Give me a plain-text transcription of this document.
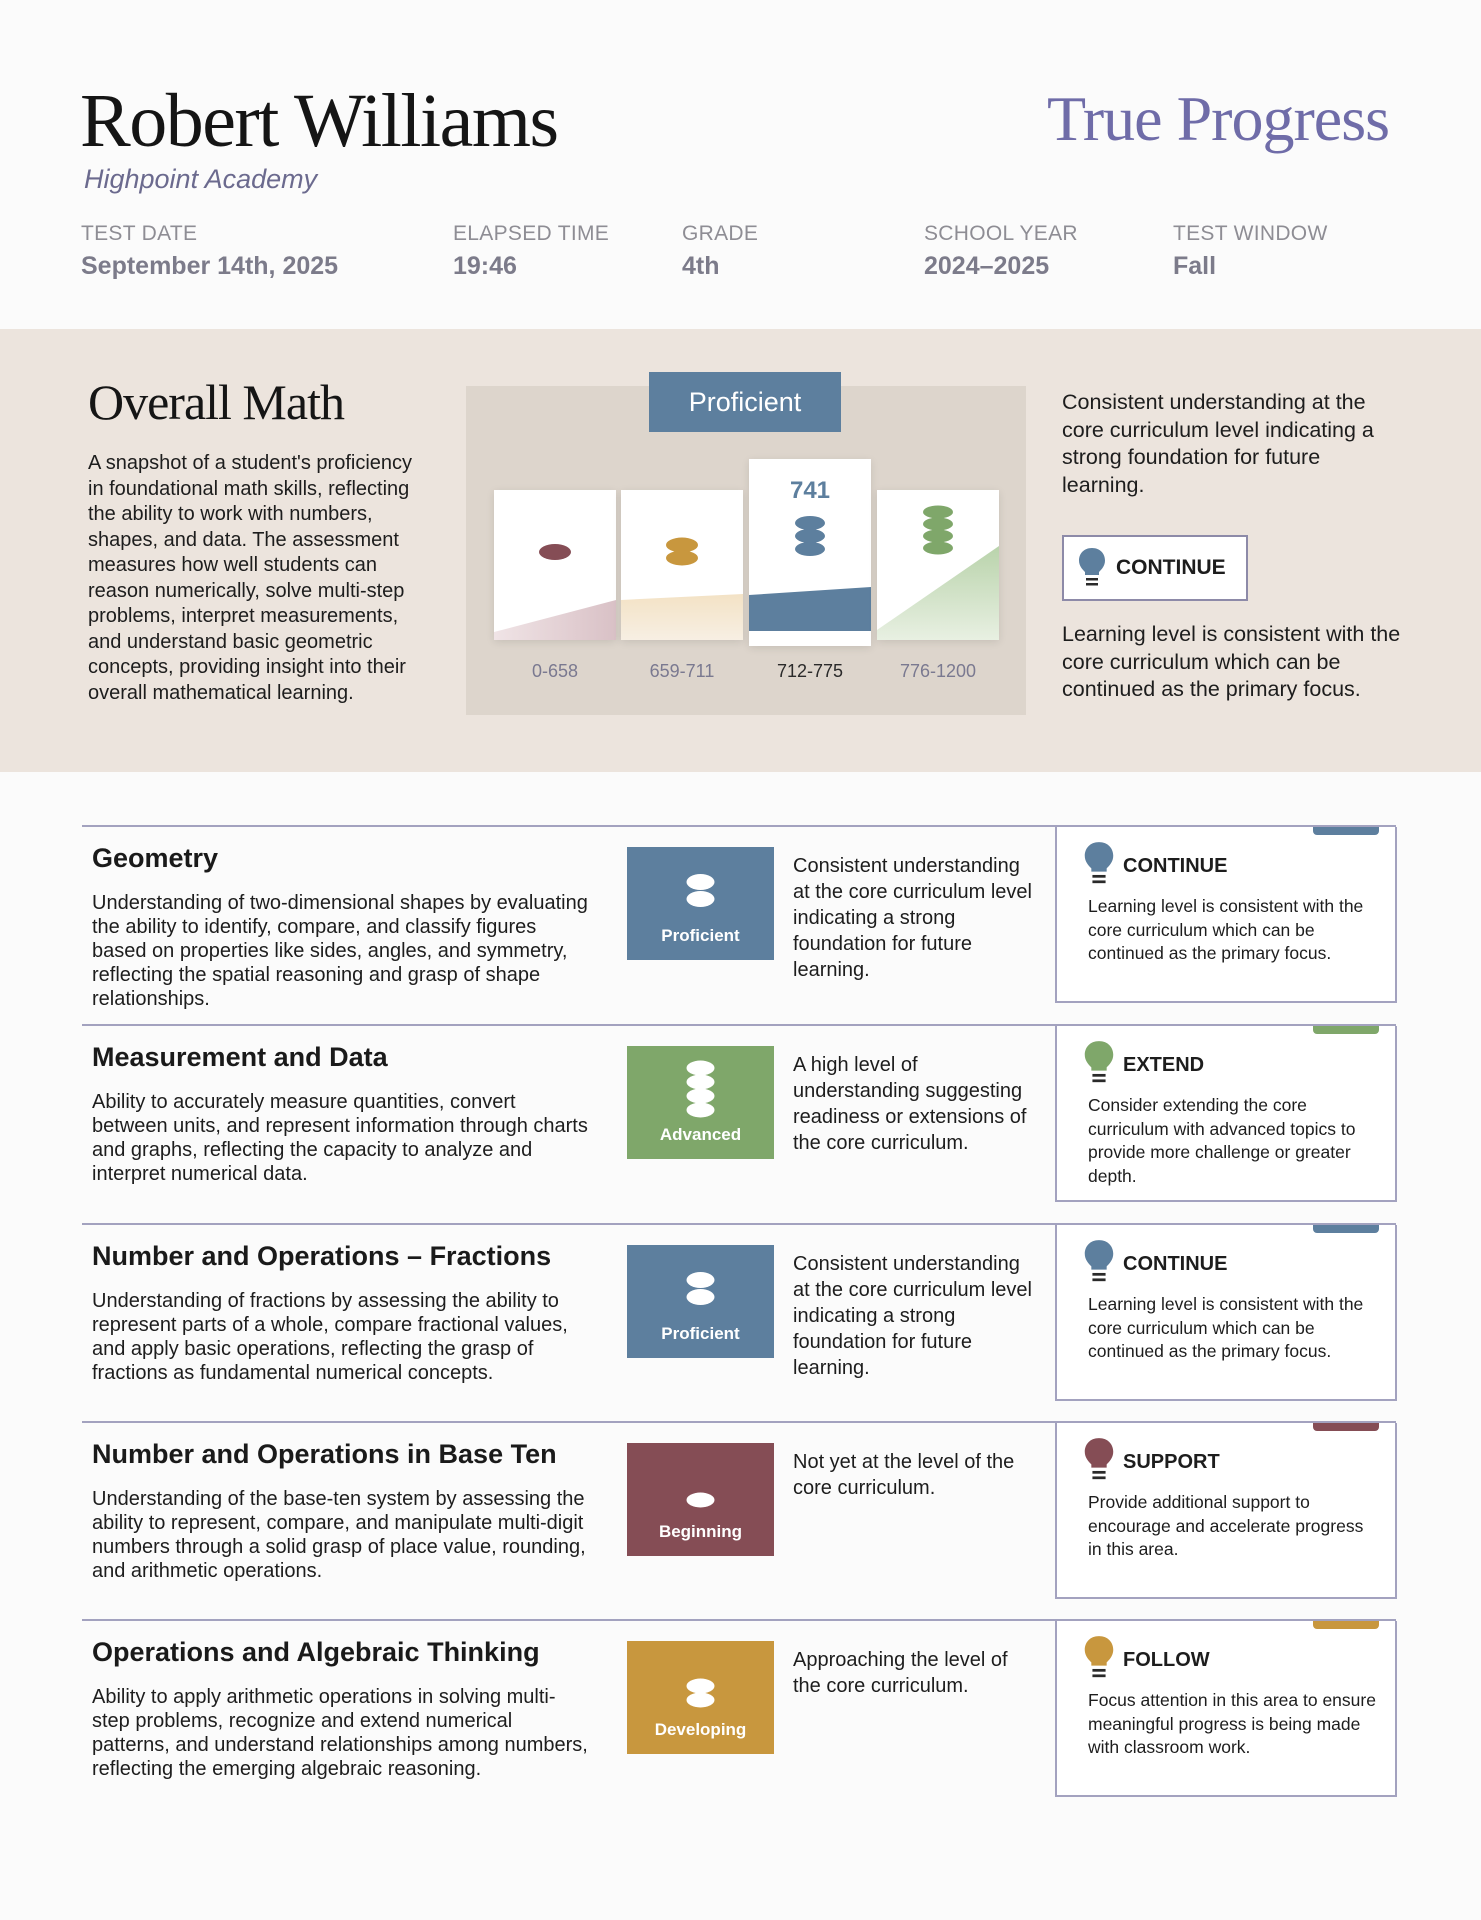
Robert Williams
Highpoint Academy
True Progress
TEST DATE
September 14th, 2025
ELAPSED TIME
19:46
GRADE
4th
SCHOOL YEAR
2024–2025
TEST WINDOW
Fall
Overall Math
A snapshot of a student's proficiency in foundational math skills, reflecting the ability to work with numbers, shapes, and data. The assessment measures how well students can reason numerically, solve multi-step problems, interpret measurements, and understand basic geometric concepts, providing insight into their overall mathematical learning.
Proficient
741
0-658	659-711	712-775	776-1200
Consistent understanding at the core curriculum level indicating a strong foundation for future learning.
CONTINUE
Learning level is consistent with the core curriculum which can be continued as the primary focus.
Geometry
Understanding of two-dimensional shapes by evaluating the ability to identify, compare, and classify figures based on properties like sides, angles, and symmetry, reflecting the spatial reasoning and grasp of shape relationships.
Proficient
Consistent understanding at the core curriculum level indicating a strong foundation for future learning.
CONTINUE
Learning level is consistent with the core curriculum which can be continued as the primary focus.
Measurement and Data
Ability to accurately measure quantities, convert between units, and represent information through charts and graphs, reflecting the capacity to analyze and interpret numerical data.
Advanced
A high level of understanding suggesting readiness or extensions of the core curriculum.
EXTEND
Consider extending the core curriculum with advanced topics to provide more challenge or greater depth.
Number and Operations – Fractions
Understanding of fractions by assessing the ability to represent parts of a whole, compare fractional values, and apply basic operations, reflecting the grasp of fractions as fundamental numerical concepts.
Proficient
Consistent understanding at the core curriculum level indicating a strong foundation for future learning.
CONTINUE
Learning level is consistent with the core curriculum which can be continued as the primary focus.
Number and Operations in Base Ten
Understanding of the base-ten system by assessing the ability to represent, compare, and manipulate multi-digit numbers through a solid grasp of place value, rounding, and arithmetic operations.
Beginning
Not yet at the level of the core curriculum.
SUPPORT
Provide additional support to encourage and accelerate progress in this area.
Operations and Algebraic Thinking
Ability to apply arithmetic operations in solving multi-step problems, recognize and extend numerical patterns, and understand relationships among numbers, reflecting the emerging algebraic reasoning.
Developing
Approaching the level of the core curriculum.
FOLLOW
Focus attention in this area to ensure meaningful progress is being made with classroom work.
